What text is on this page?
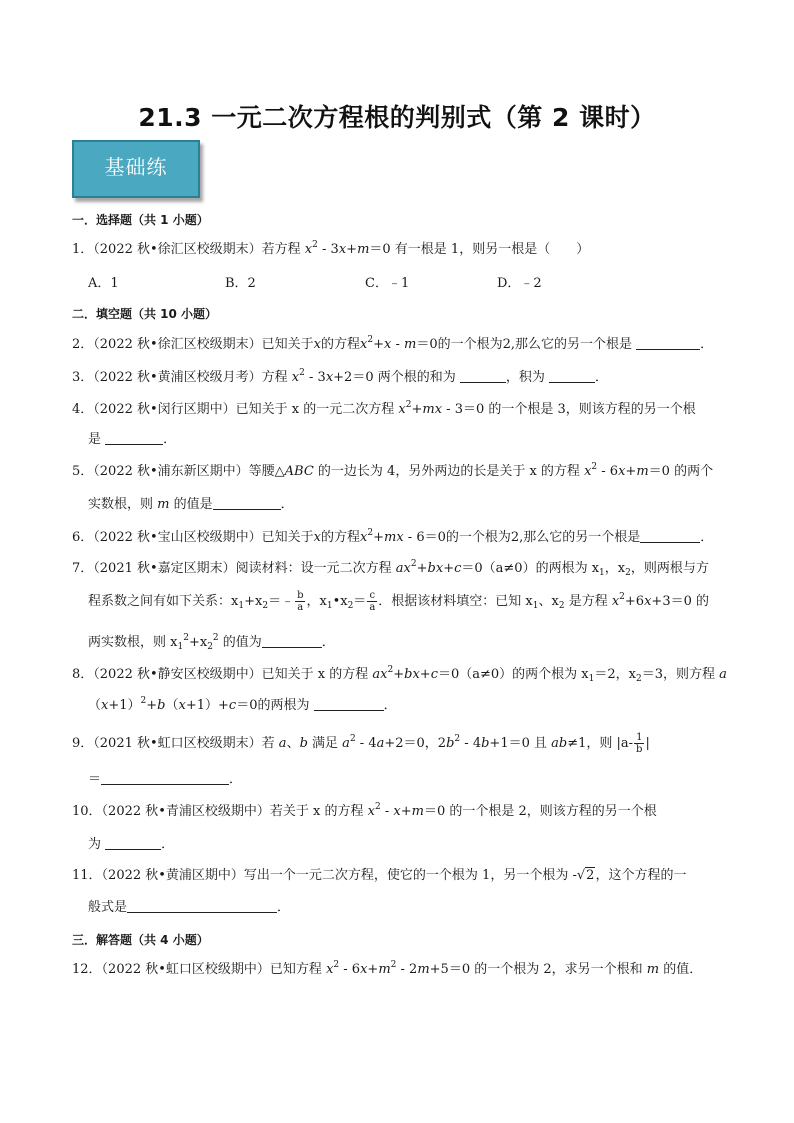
21.3 一元二次方程根的判别式（第 2 课时）
基础练
一．选择题（共 1 小题）
1．（2022 秋•徐汇区校级期末）若方程 $x^2 - 3x+m=0$ 有一根是 1，则另一根是（　　）
A．1	B．2	C．﹣1	D．﹣2
二．填空题（共 10 小题）
2．（2022 秋•徐汇区校级期末）已知关于x的方程$x^2+x - m=0$的一个根为2,那么它的另一个根是	．
3．（2022 秋•黄浦区校级月考）方程 $x^2 - 3x+2=0$ 两个根的和为	，积为	．
4．（2022 秋•闵行区期中）已知关于 x 的一元二次方程 $x^2+mx - 3=0$ 的一个根是 3，则该方程的另一个根
是	．
5．（2022 秋•浦东新区期中）等腰△ABC 的一边长为 4，另外两边的长是关于 x 的方程 $x^2 - 6x+m=0$ 的两个
实数根，则 m 的值是	．
6．（2022 秋•宝山区校级期中）已知关于x的方程$x^2+mx - 6=0$的一个根为2,那么它的另一个根是	．
7．（2021 秋•嘉定区期末）阅读材料：设一元二次方程 $ax^2+bx+c=0(a\ne 0)$的两根为 $x_1$，$x_2$，则两根与方
程系数之间有如下关系：$x_1+x_2=﹣ \frac{b}{a}$ ，$x_1•x_2= \frac{c}{a}$ ．根据该材料填空：已知 $x_1$、$x_2$ 是方程 $x^2+6x+3=0$ 的
两实数根，则 $x_1^2+x_2^2$ 的值为	．
8．（2022 秋•静安区校级期中）已知关于 x 的方程 $ax^2+bx+c=0(a\ne 0)$的两个根为 $x_1=2$，$x_2=3$，则方程 a
$(x+1)^2+b(x+1)+c=0$的两根为	．
9．（2021 秋•虹口区校级期末）若 a、b 满足 $a^2 - 4a+2=0$，$2b^2 - 4b+1=0$ 且 ab≠1，则 $|a- \frac{1}{b}$ |
＝	．
10．（2022 秋•青浦区校级期中）若关于 x 的方程 $x^2 - x+m=0$ 的一个根是 2，则该方程的另一个根
为	．
11．（2022 秋•黄浦区期中）写出一个一元二次方程，使它的一个根为 1，另一个根为 -√2，这个方程的一
般式是	．
三．解答题（共 4 小题）
12．（2022 秋•虹口区校级期中）已知方程 $x^2 - 6x+m^2 - 2m+5=0$ 的一个根为 2，求另一个根和 m 的值．
